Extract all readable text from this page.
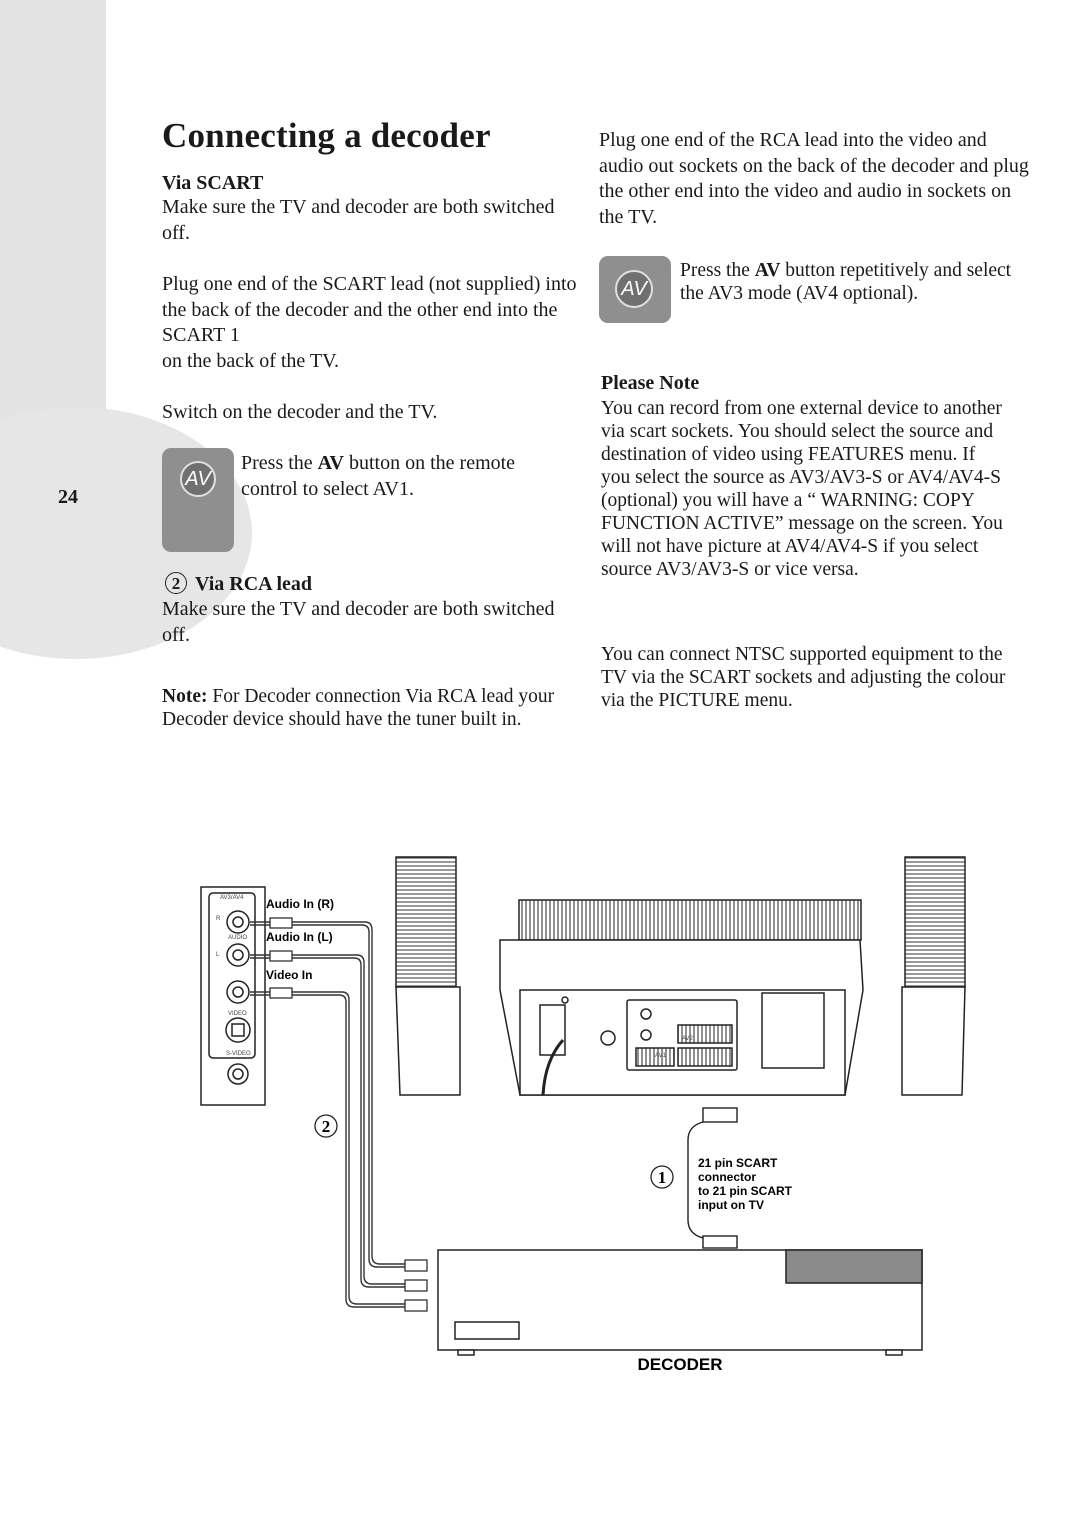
24
Connecting a decoder
Via SCART
Make sure the TV and decoder are both switched off.
Plug one end of the SCART lead (not supplied) into the back of the decoder and the other end into the SCART 1
on the back of the TV.
Switch on the decoder and the TV.
AV
Press the AV button on the remote control to select AV1.
2 Via RCA lead
Make sure the TV and decoder are both switched off.
Note: For Decoder connection Via RCA lead your Decoder device should have the tuner built in.
Plug one end of the RCA lead into the video and audio out sockets on the back of the decoder and plug the other end into the video and audio in sockets on the TV.
AV
Press the AV button repetitively and select the AV3 mode (AV4 optional).
Please Note
You can record from one external device to another via scart sockets. You should select the source and destination of video using FEATURES menu. If you select the source as AV3/AV3-S or AV4/AV4-S (optional) you will have a “ WARNING: COPY FUNCTION ACTIVE” message on the screen. You will not have picture at AV4/AV4-S if you select source AV3/AV3-S or vice versa.
You can connect NTSC supported equipment to the TV via the SCART sockets and adjusting the colour via the PICTURE menu.
AV1
AV2
AV3/AV4
R
AUDIO
L
VIDEO
S-VIDEO
Audio In (R)
Audio In (L)
Video In
2
1
21 pin SCART
connector
to 21 pin SCART
input on TV
DECODER
